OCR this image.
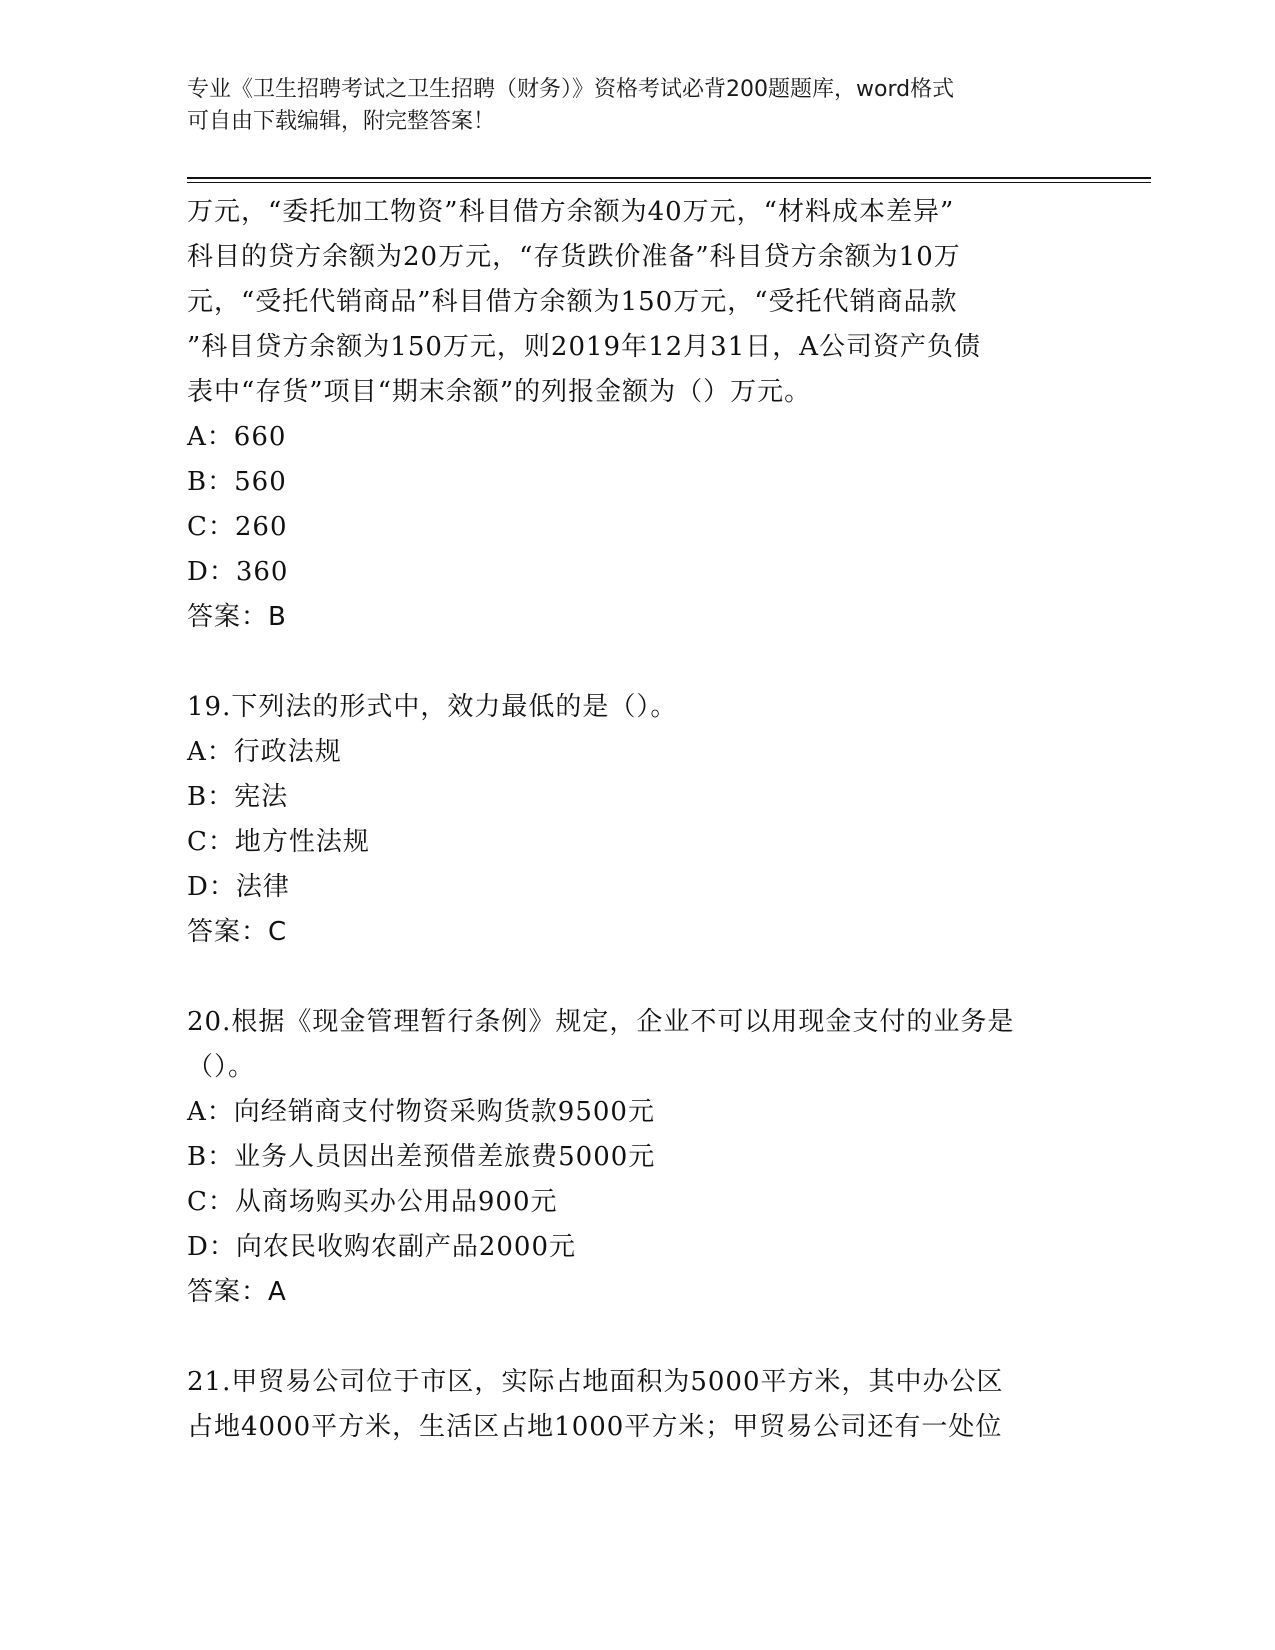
专业《卫生招聘考试之卫生招聘（财务）》资格考试必背200题题库，word格式

可自由下载编辑，附完整答案！

万元，“委托加工物资”科目借方余额为40万元，“材料成本差异”

科目的贷方余额为20万元，“存货跌价准备”科目贷方余额为10万

元，“受托代销商品”科目借方余额为150万元，“受托代销商品款

”科目贷方余额为150万元，则2019年12月31日，A公司资产负债

表中“存货”项目“期末余额”的列报金额为（）万元。

A：660

B：560

C：260

D：360

答案：B

19.下列法的形式中，效力最低的是（）。

A：行政法规

B：宪法

C：地方性法规

D：法律

答案：C

20.根据《现金管理暂行条例》规定，企业不可以用现金支付的业务是

（）。

A：向经销商支付物资采购货款9500元

B：业务人员因出差预借差旅费5000元

C：从商场购买办公用品900元

D：向农民收购农副产品2000元

答案：A

21.甲贸易公司位于市区，实际占地面积为5000平方米，其中办公区

占地4000平方米，生活区占地1000平方米；甲贸易公司还有一处位
